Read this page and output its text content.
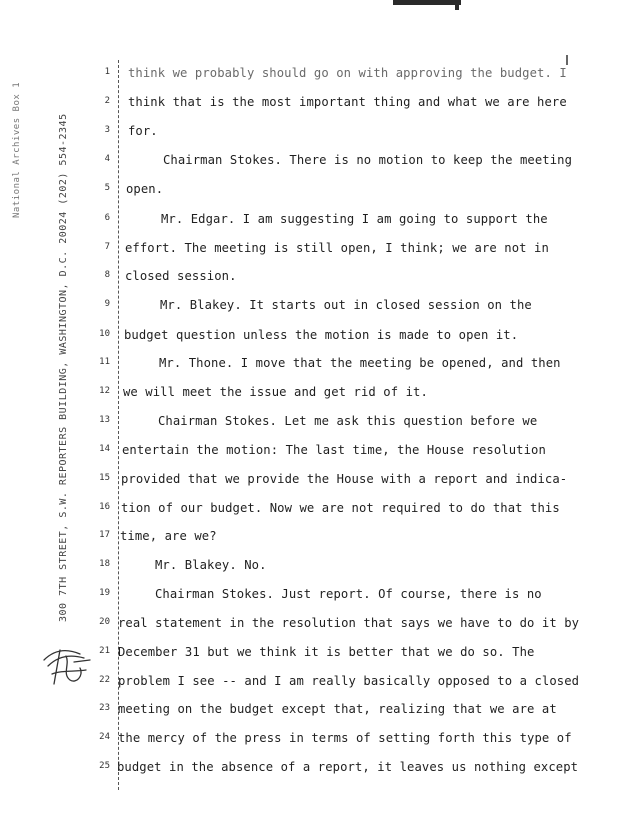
National Archives Box 1	300 7TH STREET, S.W. REPORTERS BUILDING, WASHINGTON, D.C. 20024 (202) 554-2345
1
2
3
4
5
6
7
8
9
10
11
12
13
14
15
16
17
18
19
20
21
22
23
24
25
think we probably should go on with approving the budget. I
think that is the most important thing and what we are here
for.
Chairman Stokes. There is no motion to keep the meeting
open.
Mr. Edgar. I am suggesting I am going to support the
effort. The meeting is still open, I think; we are not in
closed session.
Mr. Blakey. It starts out in closed session on the
budget question unless the motion is made to open it.
Mr. Thone. I move that the meeting be opened, and then
we will meet the issue and get rid of it.
Chairman Stokes. Let me ask this question before we
entertain the motion: The last time, the House resolution
provided that we provide the House with a report and indica-
tion of our budget. Now we are not required to do that this
time, are we?
Mr. Blakey. No.
Chairman Stokes. Just report. Of course, there is no
real statement in the resolution that says we have to do it by
December 31 but we think it is better that we do so. The
problem I see -- and I am really basically opposed to a closed
meeting on the budget except that, realizing that we are at
the mercy of the press in terms of setting forth this type of
budget in the absence of a report, it leaves us nothing except
